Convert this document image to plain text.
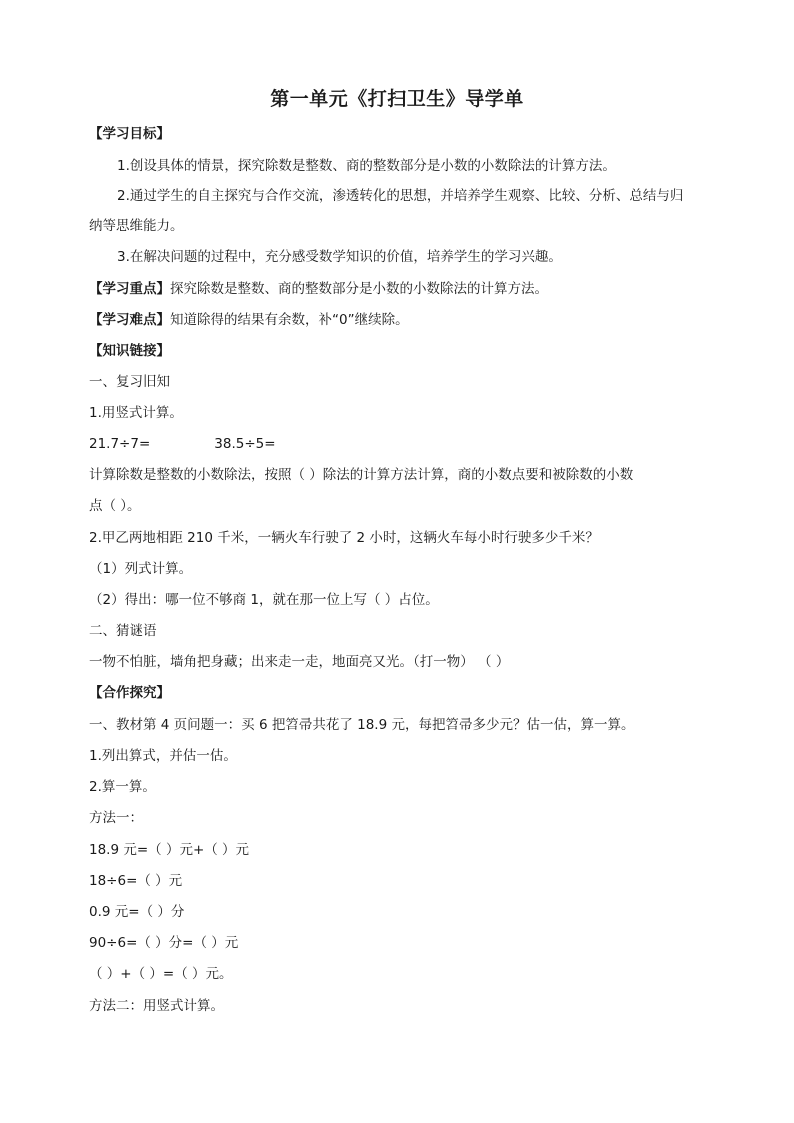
第一单元《打扫卫生》导学单
【学习目标】
1.创设具体的情景，探究除数是整数、商的整数部分是小数的小数除法的计算方法。
2.通过学生的自主探究与合作交流，渗透转化的思想，并培养学生观察、比较、分析、总结与归
纳等思维能力。
3.在解决问题的过程中，充分感受数学知识的价值，培养学生的学习兴趣。
【学习重点】探究除数是整数、商的整数部分是小数的小数除法的计算方法。
【学习难点】知道除得的结果有余数，补“0”继续除。
【知识链接】
一、复习旧知
1.用竖式计算。
21.7÷7=	38.5÷5=
计算除数是整数的小数除法，按照（ ）除法的计算方法计算，商的小数点要和被除数的小数
点（ ）。
2.甲乙两地相距 210 千米，一辆火车行驶了 2 小时，这辆火车每小时行驶多少千米？
（1）列式计算。
（2）得出：哪一位不够商 1，就在那一位上写（ ）占位。
二、猜谜语
一物不怕脏，墙角把身藏；出来走一走，地面亮又光。（打一物） （ ）
【合作探究】
一、教材第 4 页问题一：买 6 把笤帚共花了 18.9 元，每把笤帚多少元？估一估，算一算。
1.列出算式，并估一估。
2.算一算。
方法一：
18.9 元=（ ）元+（ ）元
18÷6=（ ）元
0.9 元=（ ）分
90÷6=（ ）分=（ ）元
（ ）+（ ）=（ ）元。
方法二：用竖式计算。
